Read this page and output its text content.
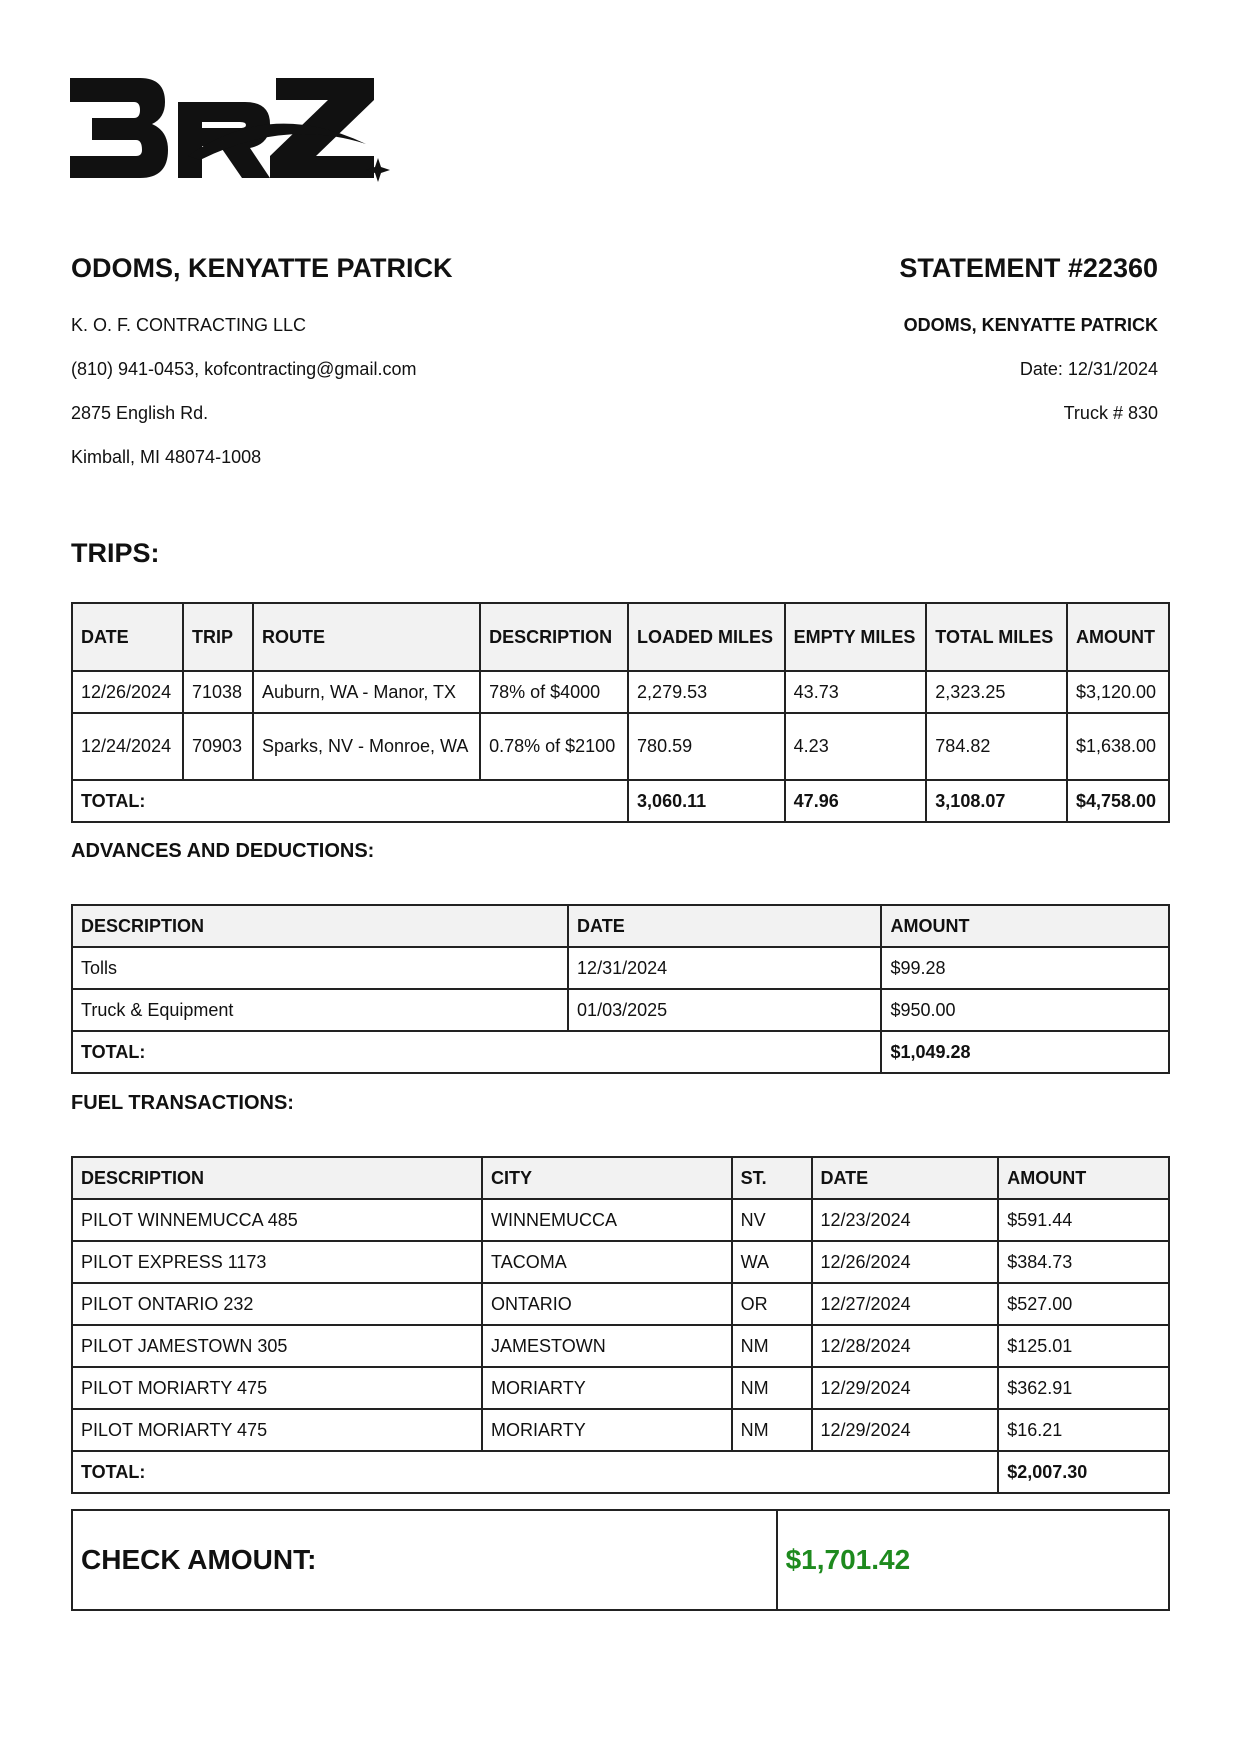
ODOMS, KENYATTE PATRICK	STATEMENT #22360
K. O. F. CONTRACTING LLC
(810) 941-0453, kofcontracting@gmail.com
2875 English Rd.
Kimball, MI 48074-1008
ODOMS, KENYATTE PATRICK
Date: 12/31/2024
Truck # 830
TRIPS:
DATE	TRIP	ROUTE	DESCRIPTION	LOADED MILES	EMPTY MILES	TOTAL MILES	AMOUNT
12/26/2024	71038	Auburn, WA - Manor, TX	78% of $4000	2,279.53	43.73	2,323.25	$3,120.00
12/24/2024	70903	Sparks, NV - Monroe, WA	0.78% of $2100	780.59	4.23	784.82	$1,638.00
TOTAL:				3,060.11	47.96	3,108.07	$4,758.00
ADVANCES AND DEDUCTIONS:
DESCRIPTION	DATE	AMOUNT
Tolls	12/31/2024	$99.28
Truck & Equipment	01/03/2025	$950.00
TOTAL:		$1,049.28
FUEL TRANSACTIONS:
DESCRIPTION	CITY	ST.	DATE	AMOUNT
PILOT WINNEMUCCA 485	WINNEMUCCA	NV	12/23/2024	$591.44
PILOT EXPRESS 1173	TACOMA	WA	12/26/2024	$384.73
PILOT ONTARIO 232	ONTARIO	OR	12/27/2024	$527.00
PILOT JAMESTOWN 305	JAMESTOWN	NM	12/28/2024	$125.01
PILOT MORIARTY 475	MORIARTY	NM	12/29/2024	$362.91
PILOT MORIARTY 475	MORIARTY	NM	12/29/2024	$16.21
TOTAL:				$2,007.30
CHECK AMOUNT:	$1,701.42
